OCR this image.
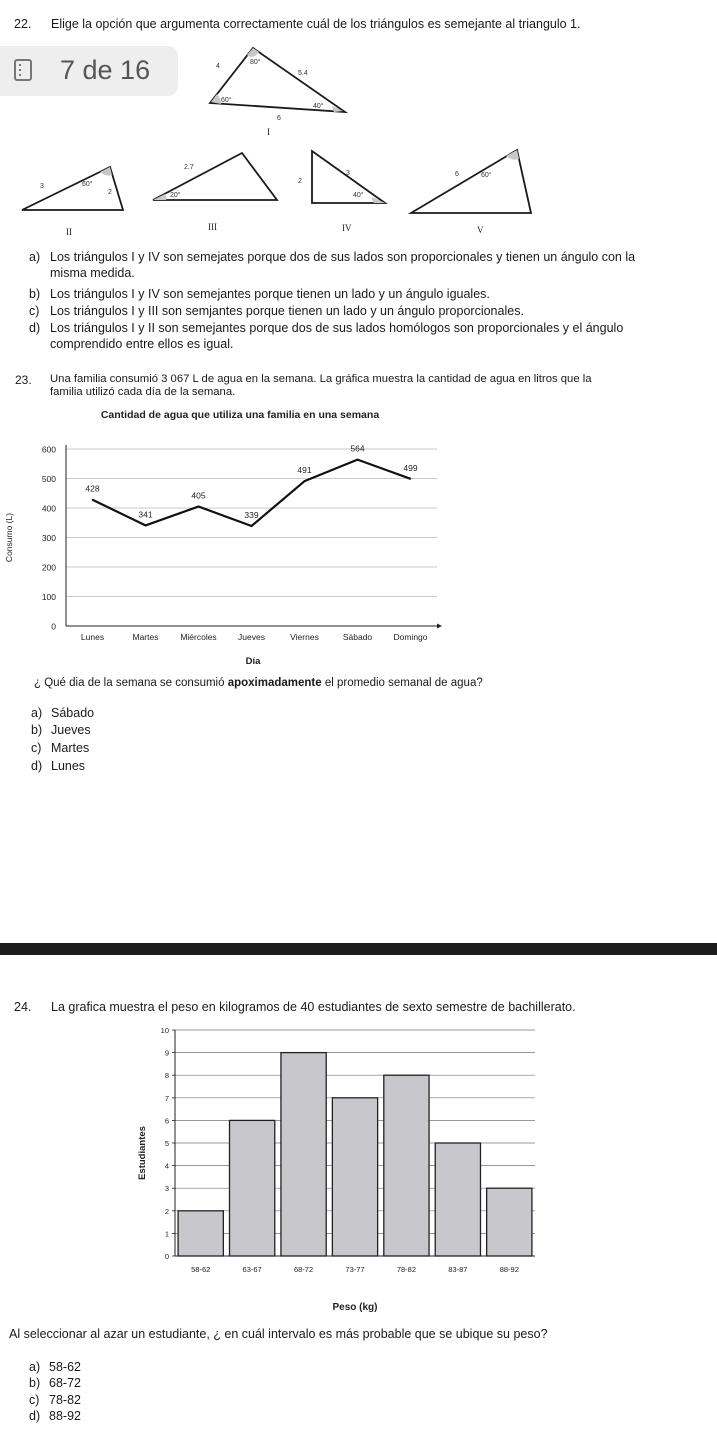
22. Elige la opción que argumenta correctamente cuál de los triángulos es semejante al triangulo 1.
7 de 16	4
5.4
6
80°
60°
40°
I
3
2
60°
II
2.7
20°
III
2
3
40°
IV
6	60°
V
a) Los triángulos I y IV son semejates porque dos de sus lados son proporcionales y tienen un ángulo con la
misma medida.
b) Los triángulos I y IV son semejantes porque tienen un lado y un ángulo iguales.
c) Los triángulos I y III son semjantes porque tienen un lado y un ángulo proporcionales.
d) Los triángulos I y II son semejantes porque dos de sus lados homólogos son proporcionales y el ángulo
comprendido entre ellos es igual.
23. Una familia consumió 3 067 L de agua en la semana. La gráfica muestra la cantidad de agua en litros que la
familia utilizó cada día de la semana.
Cantidad de agua que utiliza una familia en una semana
0
100
200
300
400
500
600
Lunes	Martes	Miércoles	Jueves	Viernes	Sábado	Domingo
Día
Consumo (L)
428
341
405
339
491
564
499
¿ Qué dia de la semana se consumió apoximadamente el promedio semanal de agua?
a) Sábado
b) Jueves
c) Martes
d) Lunes
24. La grafica muestra el peso en kilogramos de 40 estudiantes de sexto semestre de bachillerato.
0
1
2
3
4
5
6
7
8
9
10
58-62	63-67	68-72	73-77	78-82	83-87	88-92
Peso (kg)
Estudiantes
Al seleccionar al azar un estudiante, ¿ en cuál intervalo es más probable que se ubique su peso?
a) 58-62
b) 68-72
c) 78-82
d) 88-92
